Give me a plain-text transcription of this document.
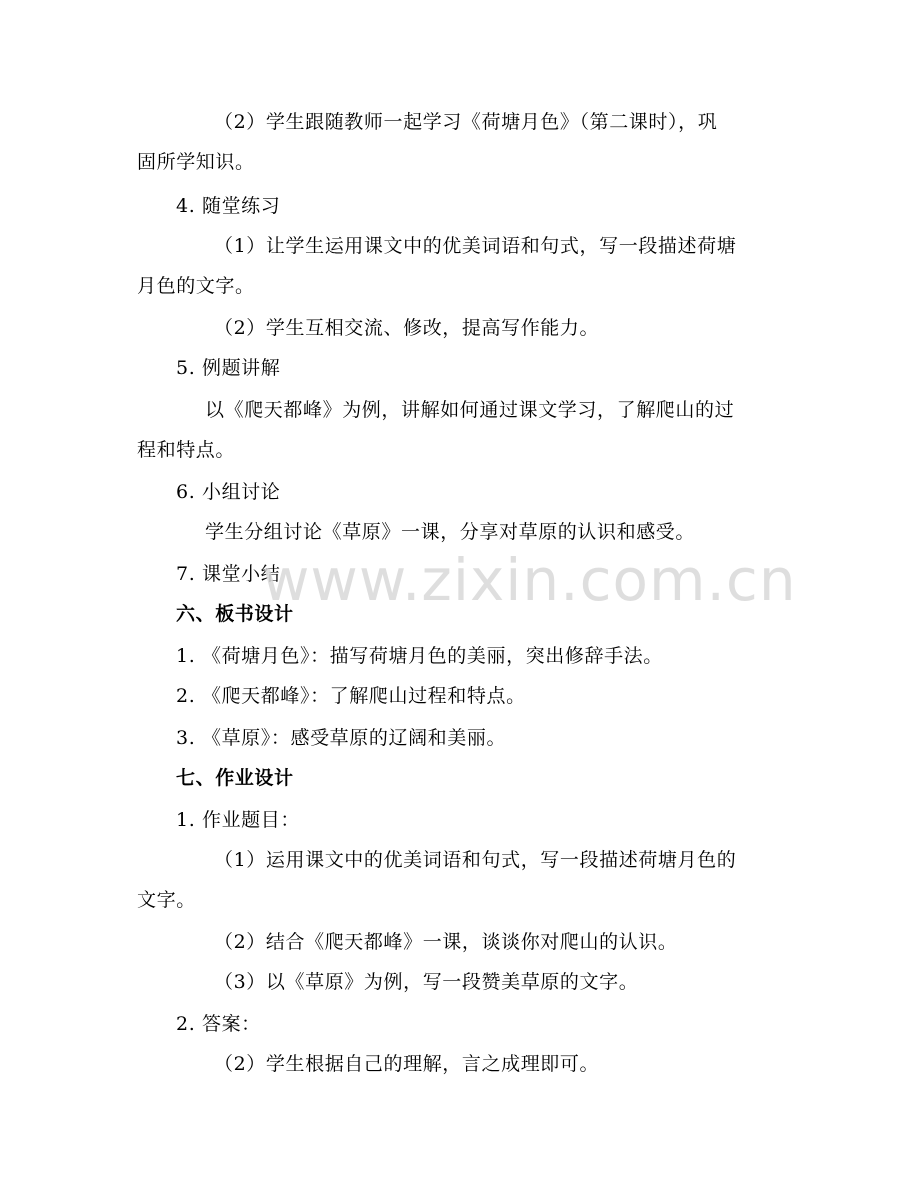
（2）学生跟随教师一起学习《荷塘月色》（第二课时），巩
固所学知识。
4. 随堂练习
（1）让学生运用课文中的优美词语和句式，写一段描述荷塘
月色的文字。
（2）学生互相交流、修改，提高写作能力。
5. 例题讲解
以《爬天都峰》为例，讲解如何通过课文学习，了解爬山的过
程和特点。
6. 小组讨论
学生分组讨论《草原》一课，分享对草原的认识和感受。
7. 课堂小结
六、板书设计
1. 《荷塘月色》：描写荷塘月色的美丽，突出修辞手法。
2. 《爬天都峰》：了解爬山过程和特点。
3. 《草原》：感受草原的辽阔和美丽。
七、作业设计
1. 作业题目：
（1）运用课文中的优美词语和句式，写一段描述荷塘月色的
文字。
（2）结合《爬天都峰》一课，谈谈你对爬山的认识。
（3）以《草原》为例，写一段赞美草原的文字。
2. 答案：
（2）学生根据自己的理解，言之成理即可。
www.zixin.com.cn
